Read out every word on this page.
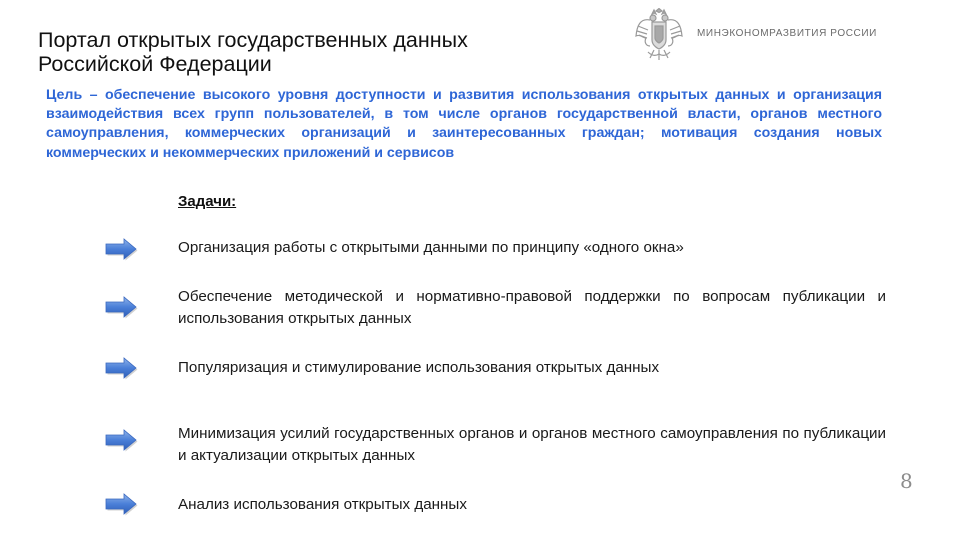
Портал открытых государственных данных
Российской Федерации
МИНЭКОНОМРАЗВИТИЯ РОССИИ

Цель – обеспечение высокого уровня доступности и развития использования открытых данных и организация взаимодействия всех групп пользователей, в том числе органов государственной власти, органов местного самоуправления, коммерческих организаций и заинтересованных граждан; мотивация создания новых коммерческих и некоммерческих приложений и сервисов

Задачи:

Организация работы с открытыми данными по принципу «одного окна»

Обеспечение методической и нормативно-правовой поддержки по вопросам публикации и использования открытых данных

Популяризация и стимулирование использования открытых данных

Минимизация усилий государственных органов и органов местного самоуправления по публикации и актуализации открытых данных

Анализ использования открытых данных

8
